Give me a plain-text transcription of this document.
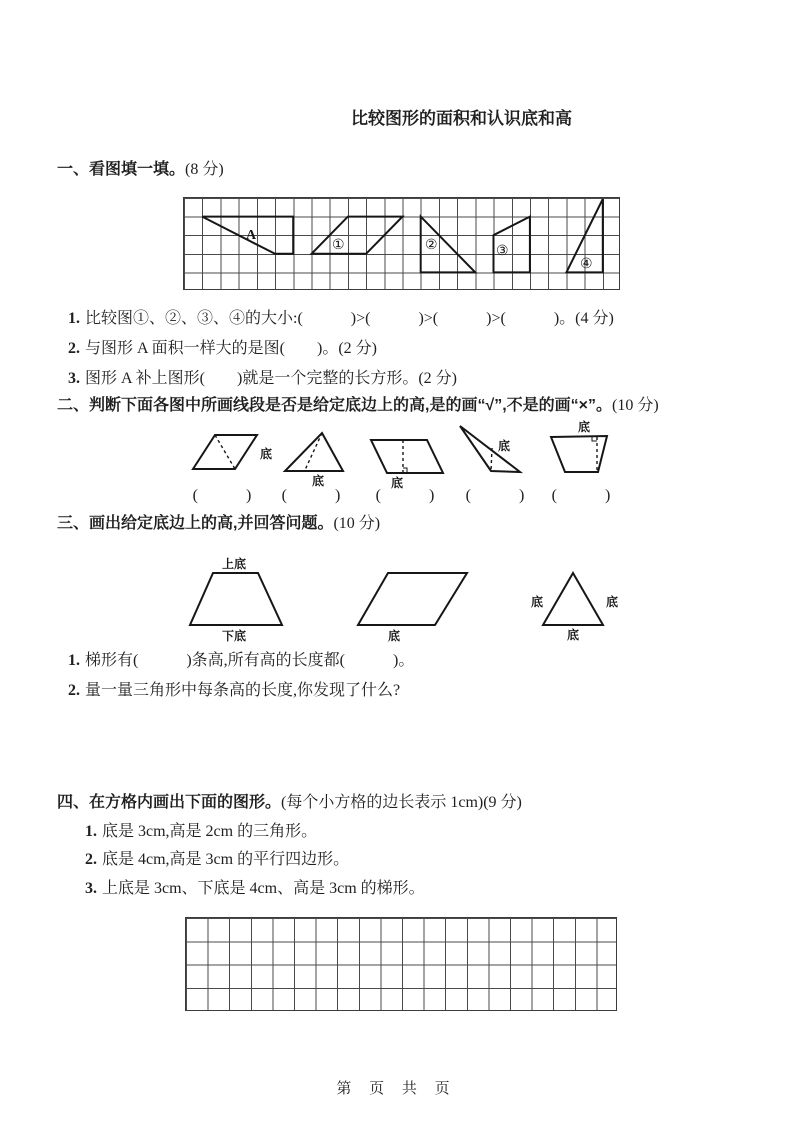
比较图形的面积和认识底和高
一、看图填一填。(8 分)
A
①	②	③
④
1. 比较图①、②、③、④的大小:(　　　)>(　　　)>(　　　)>(　　　)。(4 分)
2. 与图形 A 面积一样大的是图(　　)。(2 分)
3. 图形 A 补上图形(　　)就是一个完整的长方形。(2 分)
二、判断下面各图中所画线段是否是给定底边上的高,是的画“√”,不是的画“×”。(10 分)
底
底	底
底
底
(　　　)	(　　　)	(　　　)	(　　　)	(　　　)
三、画出给定底边上的高,并回答问题。(10 分)
上底
下底	底
底	底
底
1. 梯形有(　　　)条高,所有高的长度都(　　　)。
2. 量一量三角形中每条高的长度,你发现了什么?
四、在方格内画出下面的图形。(每个小方格的边长表示 1cm)(9 分)
1. 底是 3cm,高是 2cm 的三角形。
2. 底是 4cm,高是 3cm 的平行四边形。
3. 上底是 3cm、下底是 4cm、高是 3cm 的梯形。
第 页 共 页
